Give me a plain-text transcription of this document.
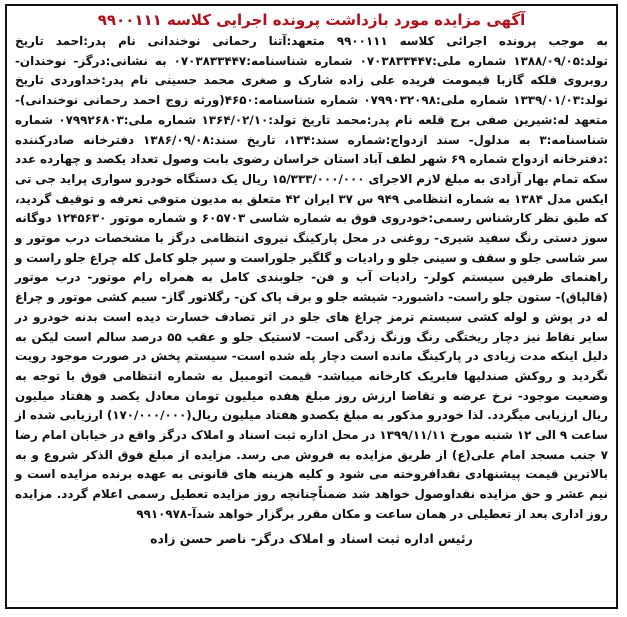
آگهی مزایده مورد بازداشت پرونده اجرایی کلاسه ۹۹۰۰۱۱۱

به موجب پرونده اجرائی کلاسه ۹۹۰۰۱۱۱ متعهد:آتنا رحمانی نوخندانی نام پدر:احمد تاریخ تولد:۱۳۸۸/۰۹/۰۵ شماره ملی:۰۷۰۳۸۳۳۴۴۷ شماره شناسنامه:۰۷۰۳۸۳۳۴۴۷ به نشانی:درگز- نوخندان- روبروی فلکه گازبا قیمومت فریده علی زاده شارک و صغری محمد حسینی نام پدر:خداوردی تاریخ تولد:۱۳۳۹/۰۱/۰۳ شماره ملی:۰۷۹۹۰۳۲۰۹۸ شماره شناسنامه:۴۶۵۰(ورثه زوج احمد رحمانی نوخندانی)- متعهد له:شیرین صفی برج قلعه نام پدر:محمد تاریخ تولد:۱۳۶۴/۰۲/۱۰ شماره ملی:۰۷۹۹۲۶۸۰۳ شماره شناسنامه:۳ به مدلول- سند ازدواج:شماره سند:۱۳۴، تاریخ سند:۱۳۸۶/۰۹/۰۸ دفترخانه صادرکننده :دفترخانه ازدواج شماره ۶۹ شهر لطف آباد استان خراسان رضوی بابت وصول تعداد یکصد و چهارده عدد سکه تمام بهار آزادی به مبلغ لازم الاجرای ۱۵/۳۳۳/۰۰۰/۰۰۰ ریال یک دستگاه خودرو سواری پراید جی تی ایکس مدل ۱۳۸۴ به شماره انتظامی ۹۴۹ س ۳۷ ایران ۴۲ متعلق به مدیون متوفی تعرفه و توقیف گردید، که طبق نظر کارشناس رسمی:خودروی فوق به شماره شاسی ۶۰۵۷۰۳ و شماره موتور ۱۲۴۵۶۳۰ دوگانه سوز دستی رنگ سفید شیری- روغنی در محل پارکینگ نیروی انتظامی درگز با مشخصات درب موتور و سر شاسی جلو و سقف و سینی جلو و رادیات و گلگیر جلوراست و سپر جلو کامل کله چراغ جلو راست و راهنمای طرفین سیستم کولر- رادیات آب و فن- جلوبندی کامل به همراه رام موتور- درب موتور (قالپاق)- ستون جلو راست- داشبورد- شیشه جلو و برف پاک کن- رگلاتور گاز- سیم کشی موتور و چراغ له در پوش و لوله کشی سیستم ترمز چراغ های جلو در اثر تصادف خسارت دیده است بدنه خودرو در سایر نقاط نیز دچار ریختگی رنگ وزنگ زدگی است- لاستیک جلو و عقب ۵۵ درصد سالم است لیکن به دلیل اینکه مدت زیادی در پارکینگ مانده است دچار پله شده است- سیستم پخش در صورت موجود رویت نگردید و روکش صندلیها فابریک کارخانه میباشد- قیمت اتومبیل به شماره انتظامی فوق با توجه به وضعیت موجود- نرخ عرضه و تقاضا ارزش روز مبلغ هفده میلیون تومان معادل یکصد و هفتاد میلیون ریال ارزیابی میگردد. لذا خودرو مذکور به مبلغ یکصدو هفتاد میلیون ریال(۱۷۰/۰۰۰/۰۰۰) ارزیابی شده از ساعت ۹ الی ۱۲ شنبه مورخ ۱۳۹۹/۱۱/۱۱ در محل اداره ثبت اسناد و املاک درگز واقع در خیابان امام رضا ۷ جنب مسجد امام علی(ع) از طریق مزایده به فروش می رسد. مزایده از مبلغ فوق الذکر شروع و به بالاترین قیمت پیشنهادی نقدافروخته می شود و کلیه هزینه های قانونی به عهده برنده مزایده است و نیم عشر و حق مزایده نقداوصول خواهد شد ضمناًچنانچه روز مزایده تعطیل رسمی اعلام گردد. مزایده روز اداری بعد از تعطیلی در همان ساعت و مکان مقرر برگزار خواهد شدآ-۹۹۱۰۹۷۸

رئیس اداره ثبت اسناد و املاک درگز- ناصر حسن زاده
